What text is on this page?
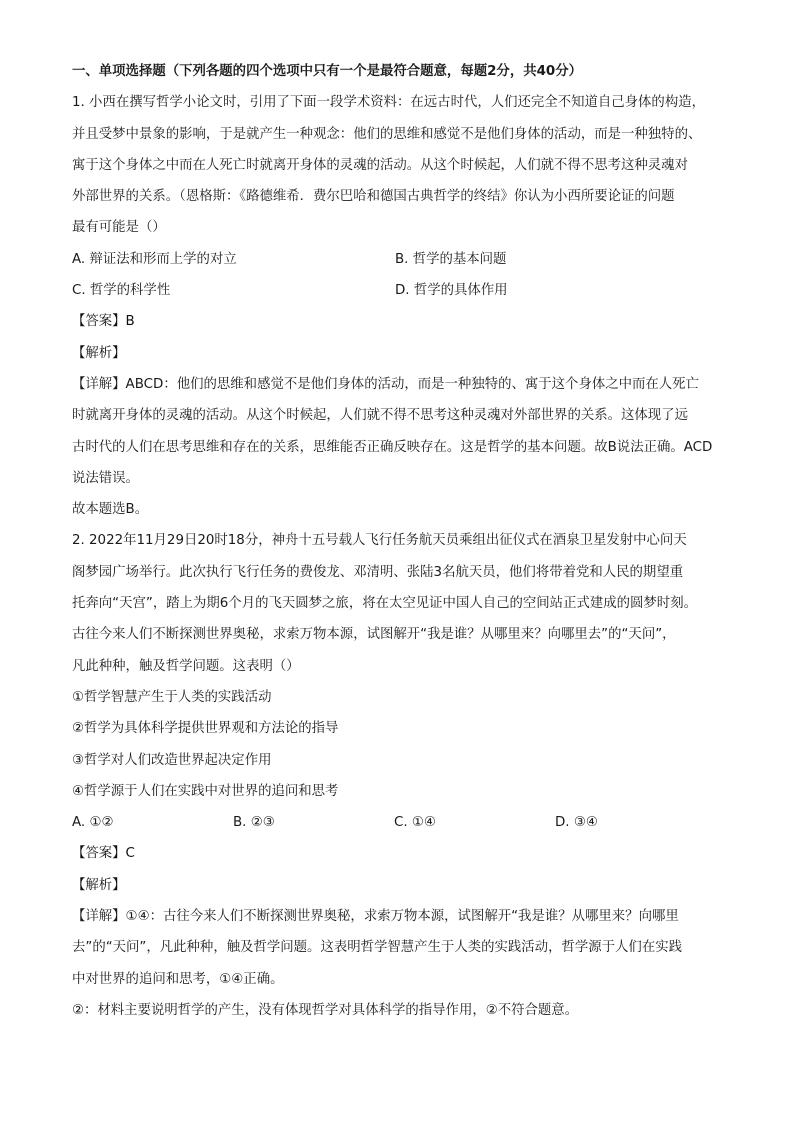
一、单项选择题（下列各题的四个选项中只有一个是最符合题意，每题2分，共40分）

1. 小西在撰写哲学小论文时，引用了下面一段学术资料：在远古时代，人们还完全不知道自己身体的构造，

并且受梦中景象的影响，于是就产生一种观念：他们的思维和感觉不是他们身体的活动，而是一种独特的、

寓于这个身体之中而在人死亡时就离开身体的灵魂的活动。从这个时候起，人们就不得不思考这种灵魂对

外部世界的关系。（恩格斯：《路德维希．费尔巴哈和德国古典哲学的终结》你认为小西所要论证的问题

最有可能是（）

A. 辩证法和形而上学的对立	B. 哲学的基本问题
C. 哲学的科学性	D. 哲学的具体作用

【答案】B

【解析】

【详解】ABCD：他们的思维和感觉不是他们身体的活动，而是一种独特的、寓于这个身体之中而在人死亡

时就离开身体的灵魂的活动。从这个时候起，人们就不得不思考这种灵魂对外部世界的关系。这体现了远

古时代的人们在思考思维和存在的关系，思维能否正确反映存在。这是哲学的基本问题。故B说法正确。ACD

说法错误。

故本题选B。

2. 2022年11月29日20时18分，神舟十五号载人飞行任务航天员乘组出征仪式在酒泉卫星发射中心问天

阁梦园广场举行。此次执行飞行任务的费俊龙、邓清明、张陆3名航天员，他们将带着党和人民的期望重

托奔向“天宫”，踏上为期6个月的飞天圆梦之旅，将在太空见证中国人自己的空间站正式建成的圆梦时刻。

古往今来人们不断探测世界奥秘，求索万物本源，试图解开“我是谁？从哪里来？向哪里去”的“天问”，

凡此种种，触及哲学问题。这表明（）

①哲学智慧产生于人类的实践活动

②哲学为具体科学提供世界观和方法论的指导

③哲学对人们改造世界起决定作用

④哲学源于人们在实践中对世界的追问和思考

A. ①②	B. ②③	C. ①④	D. ③④

【答案】C

【解析】

【详解】①④：古往今来人们不断探测世界奥秘，求索万物本源，试图解开“我是谁？从哪里来？向哪里

去”的“天问”，凡此种种，触及哲学问题。这表明哲学智慧产生于人类的实践活动，哲学源于人们在实践

中对世界的追问和思考，①④正确。

②：材料主要说明哲学的产生，没有体现哲学对具体科学的指导作用，②不符合题意。
